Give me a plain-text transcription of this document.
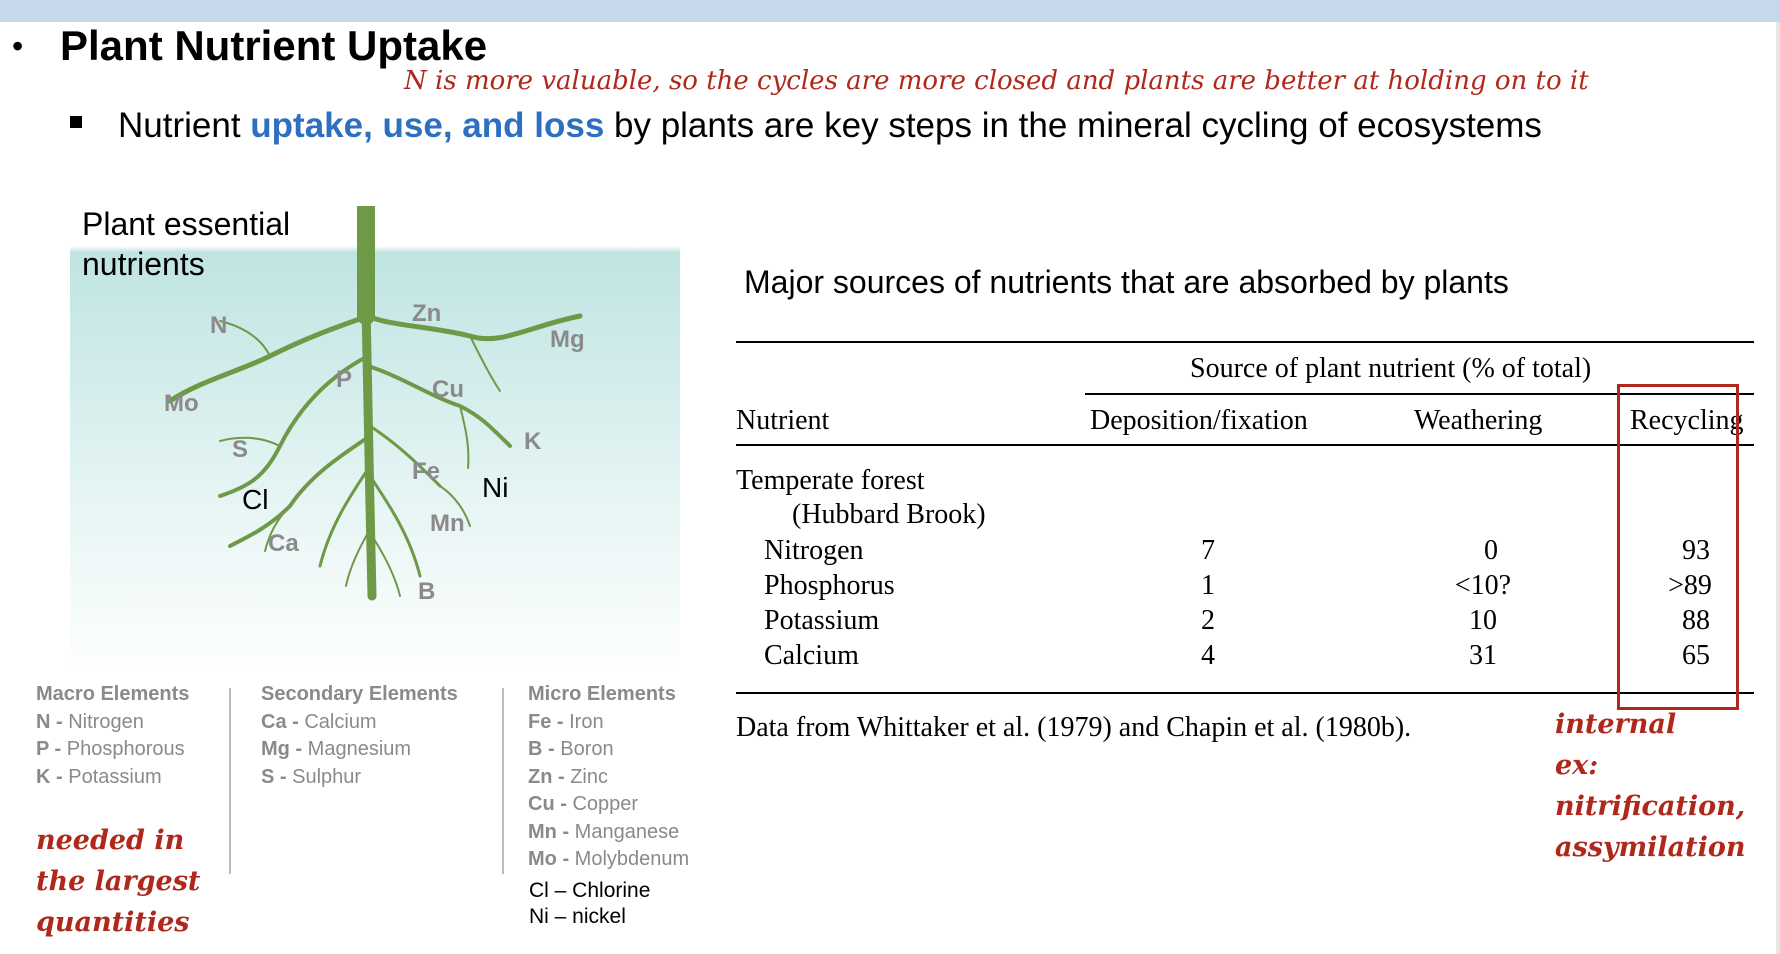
• Plant Nutrient Uptake
N is more valuable, so the cycles are more closed and plants are better at holding on to it
Nutrient uptake, use, and loss by plants are key steps in the mineral cycling of ecosystems
Plant essential
nutrients
N	Zn
Mg
P	Cu
Mo
S	K
Fe
Cl	Ni
Mn
Ca
B
Macro Elements
N - Nitrogen
P - Phosphorous
K - Potassium
Secondary Elements
Ca - Calcium
Mg - Magnesium
S - Sulphur
Micro Elements
Fe - Iron
B - Boron
Zn - Zinc
Cu - Copper
Mn - Manganese
Mo - Molybdenum
Cl – Chlorine
Ni – nickel
needed in
the largest
quantities
Major sources of nutrients that are absorbed by plants
Source of plant nutrient (% of total)
Nutrient	Deposition/fixation	Weathering	Recycling
Temperate forest
(Hubbard Brook)
Nitrogen	7	0	93
Phosphorus	1	<10?	>89
Potassium	2	10	88
Calcium	4	31	65
Data from Whittaker et al. (1979) and Chapin et al. (1980b).	internal
ex:
nitrification,
assymilation
